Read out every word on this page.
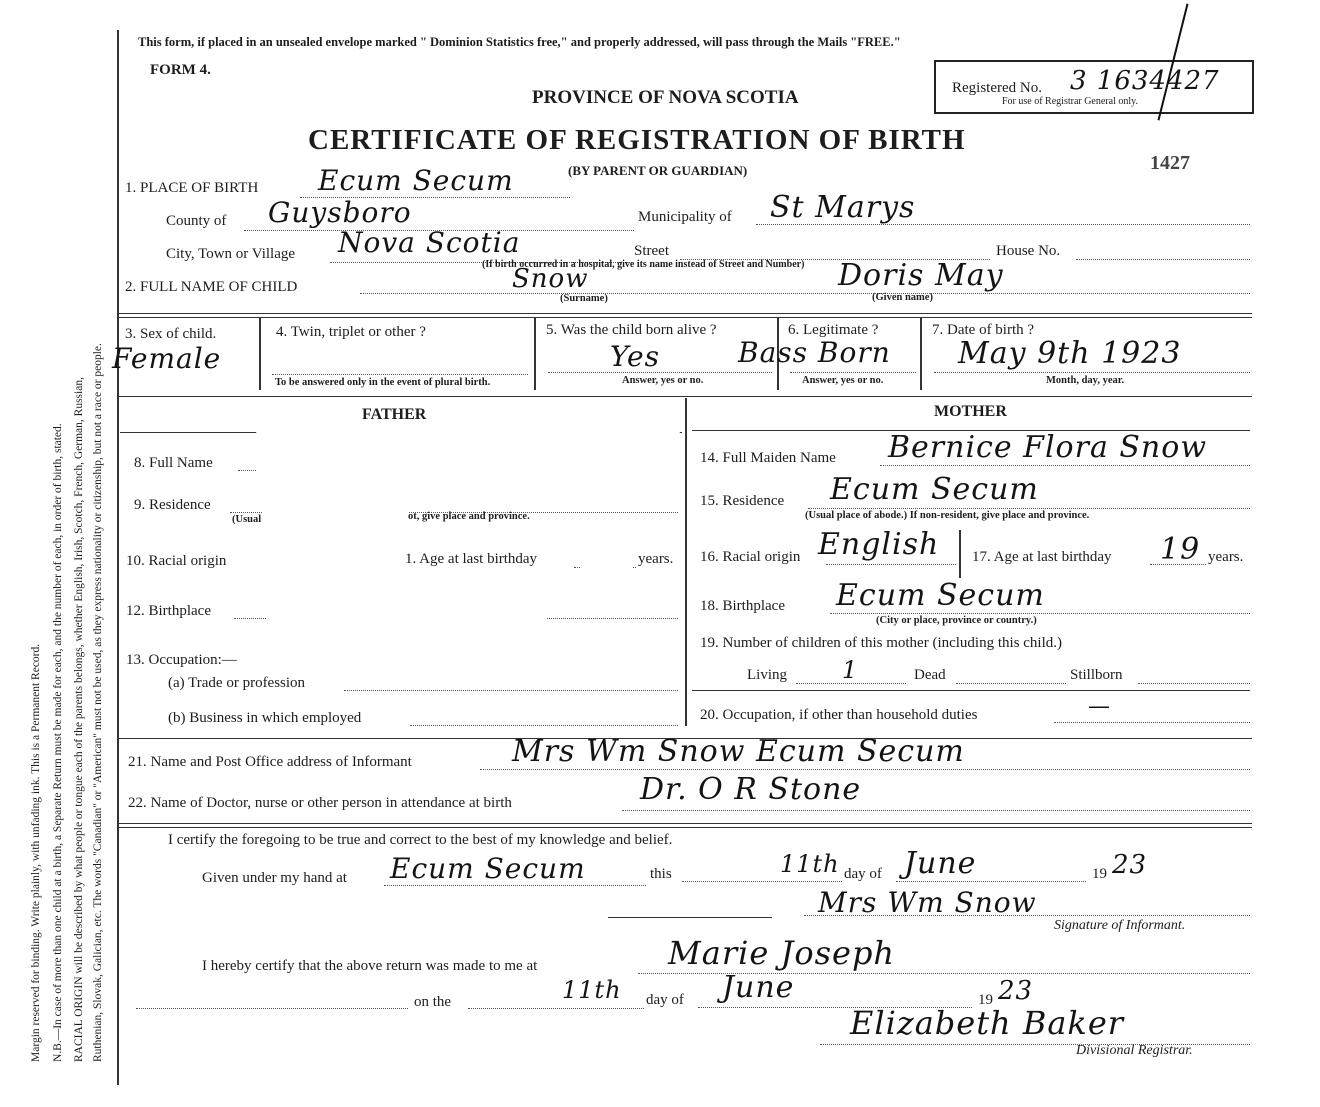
Margin reserved for binding. Write plainly, with unfading ink. This is a Permanent Record. N.B.—In case of more than one child at a birth, a Separate Return must be made for each, and the number of each, in order of birth, stated. RACIAL ORIGIN will be described by what people or tongue each of the parents belongs, whether English, Irish, Scotch, French, German, Russian, Ruthenian, Slovak, Galician, etc. The words "Canadian" or "American" must not be used, as they express nationality or citizenship, but not a race or people.
This form, if placed in an unsealed envelope marked " Dominion Statistics free," and properly addressed, will pass through the Mails "FREE."
FORM 4.
PROVINCE OF NOVA SCOTIA
CERTIFICATE OF REGISTRATION OF BIRTH
(BY PARENT OR GUARDIAN)
Registered No.
For use of Registrar General only.
3 1634427
1427
1. PLACE OF BIRTH Ecum Secum
County of Guysboro	Municipality of St Marys
City, Town or Village Nova Scotia	Street
(If birth occurred in a hospital, give its name instead of Street and Number)
House No.
2. FULL NAME OF CHILD	Snow
(Surname)
Doris May
(Given name)
3. Sex of child.
Female
4. Twin, triplet or other ?
To be answered only in the event of plural birth.
5. Was the child born alive ?
Yes
Answer, yes or no.
6. Legitimate ?
Bass Born
Answer, yes or no.
7. Date of birth ?
May 9th 1923
Month, day, year.
FATHER	MOTHER
8. Full Name
9. Residence
(Usual	ot, give place and province.
10. Racial origin	1. Age at last birthday	years.
12. Birthplace
13. Occupation:—
(a) Trade or profession
(b) Business in which employed
14. Full Maiden Name Bernice Flora Snow
15. Residence Ecum Secum
(Usual place of abode.) If non-resident, give place and province.
16. Racial origin English 17. Age at last birthday 19 years.
18. Birthplace Ecum Secum
(City or place, province or country.)
19. Number of children of this mother (including this child.)
Living 1	Dead	Stillborn
20. Occupation, if other than household duties	—
21. Name and Post Office address of Informant	Mrs Wm Snow Ecum Secum
22. Name of Doctor, nurse or other person in attendance at birth	Dr. O R Stone
I certify the foregoing to be true and correct to the best of my knowledge and belief.
Given under my hand at Ecum Secum	this	11th day of June	19 23
Mrs Wm Snow
Signature of Informant.
I hereby certify that the above return was made to me at	Marie Joseph
on the	11th day of June	19 23
Elizabeth Baker
Divisional Registrar.
